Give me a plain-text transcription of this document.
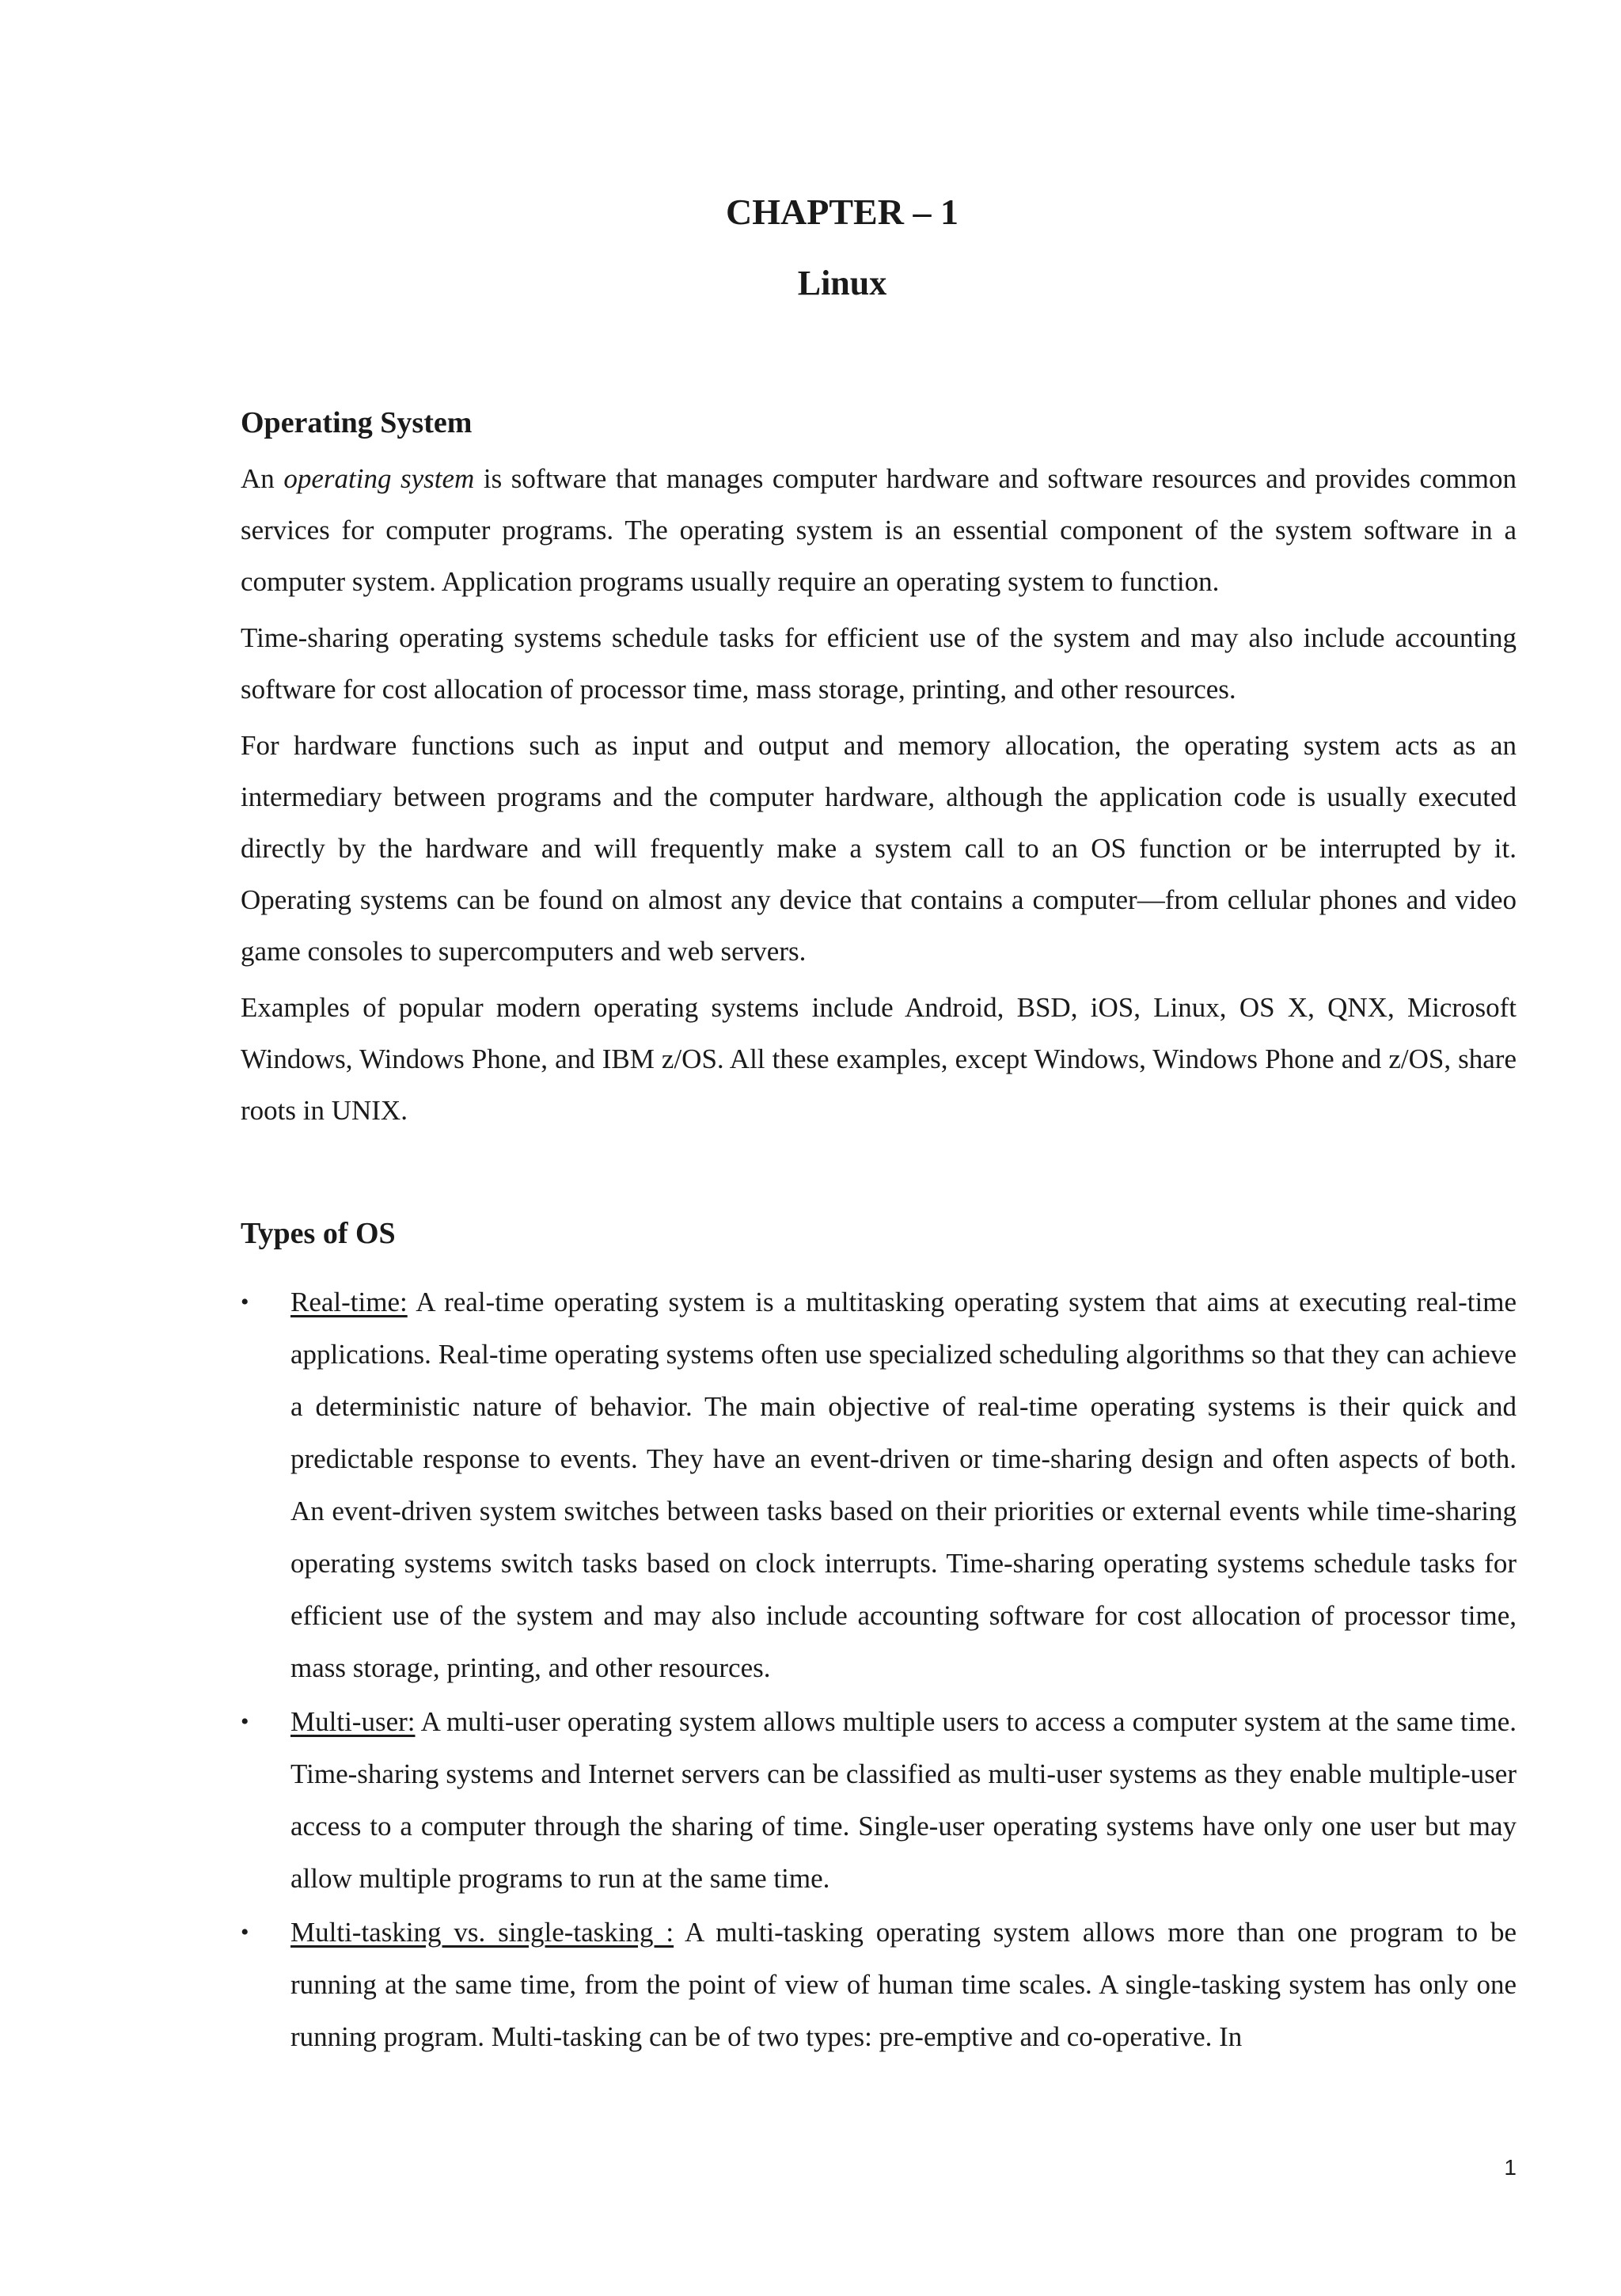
CHAPTER – 1
Linux
Operating System

An operating system is software that manages computer hardware and software resources and provides common services for computer programs. The operating system is an essential component of the system software in a computer system. Application programs usually require an operating system to function.

Time-sharing operating systems schedule tasks for efficient use of the system and may also include accounting software for cost allocation of processor time, mass storage, printing, and other resources.

For hardware functions such as input and output and memory allocation, the operating system acts as an intermediary between programs and the computer hardware, although the application code is usually executed directly by the hardware and will frequently make a system call to an OS function or be interrupted by it. Operating systems can be found on almost any device that contains a computer—from cellular phones and video game consoles to supercomputers and web servers.

Examples of popular modern operating systems include Android, BSD, iOS, Linux, OS X, QNX, Microsoft Windows, Windows Phone, and IBM z/OS. All these examples, except Windows, Windows Phone and z/OS, share roots in UNIX.

Types of OS
• Real-time: A real-time operating system is a multitasking operating system that aims at executing real-time applications. Real-time operating systems often use specialized scheduling algorithms so that they can achieve a deterministic nature of behavior. The main objective of real-time operating systems is their quick and predictable response to events. They have an event-driven or time-sharing design and often aspects of both. An event-driven system switches between tasks based on their priorities or external events while time-sharing operating systems switch tasks based on clock interrupts. Time-sharing operating systems schedule tasks for efficient use of the system and may also include accounting software for cost allocation of processor time, mass storage, printing, and other resources.
• Multi-user: A multi-user operating system allows multiple users to access a computer system at the same time. Time-sharing systems and Internet servers can be classified as multi-user systems as they enable multiple-user access to a computer through the sharing of time. Single-user operating systems have only one user but may allow multiple programs to run at the same time.
• Multi-tasking vs. single-tasking : A multi-tasking operating system allows more than one program to be running at the same time, from the point of view of human time scales. A single-tasking system has only one running program. Multi-tasking can be of two types: pre-emptive and co-operative. In
1
